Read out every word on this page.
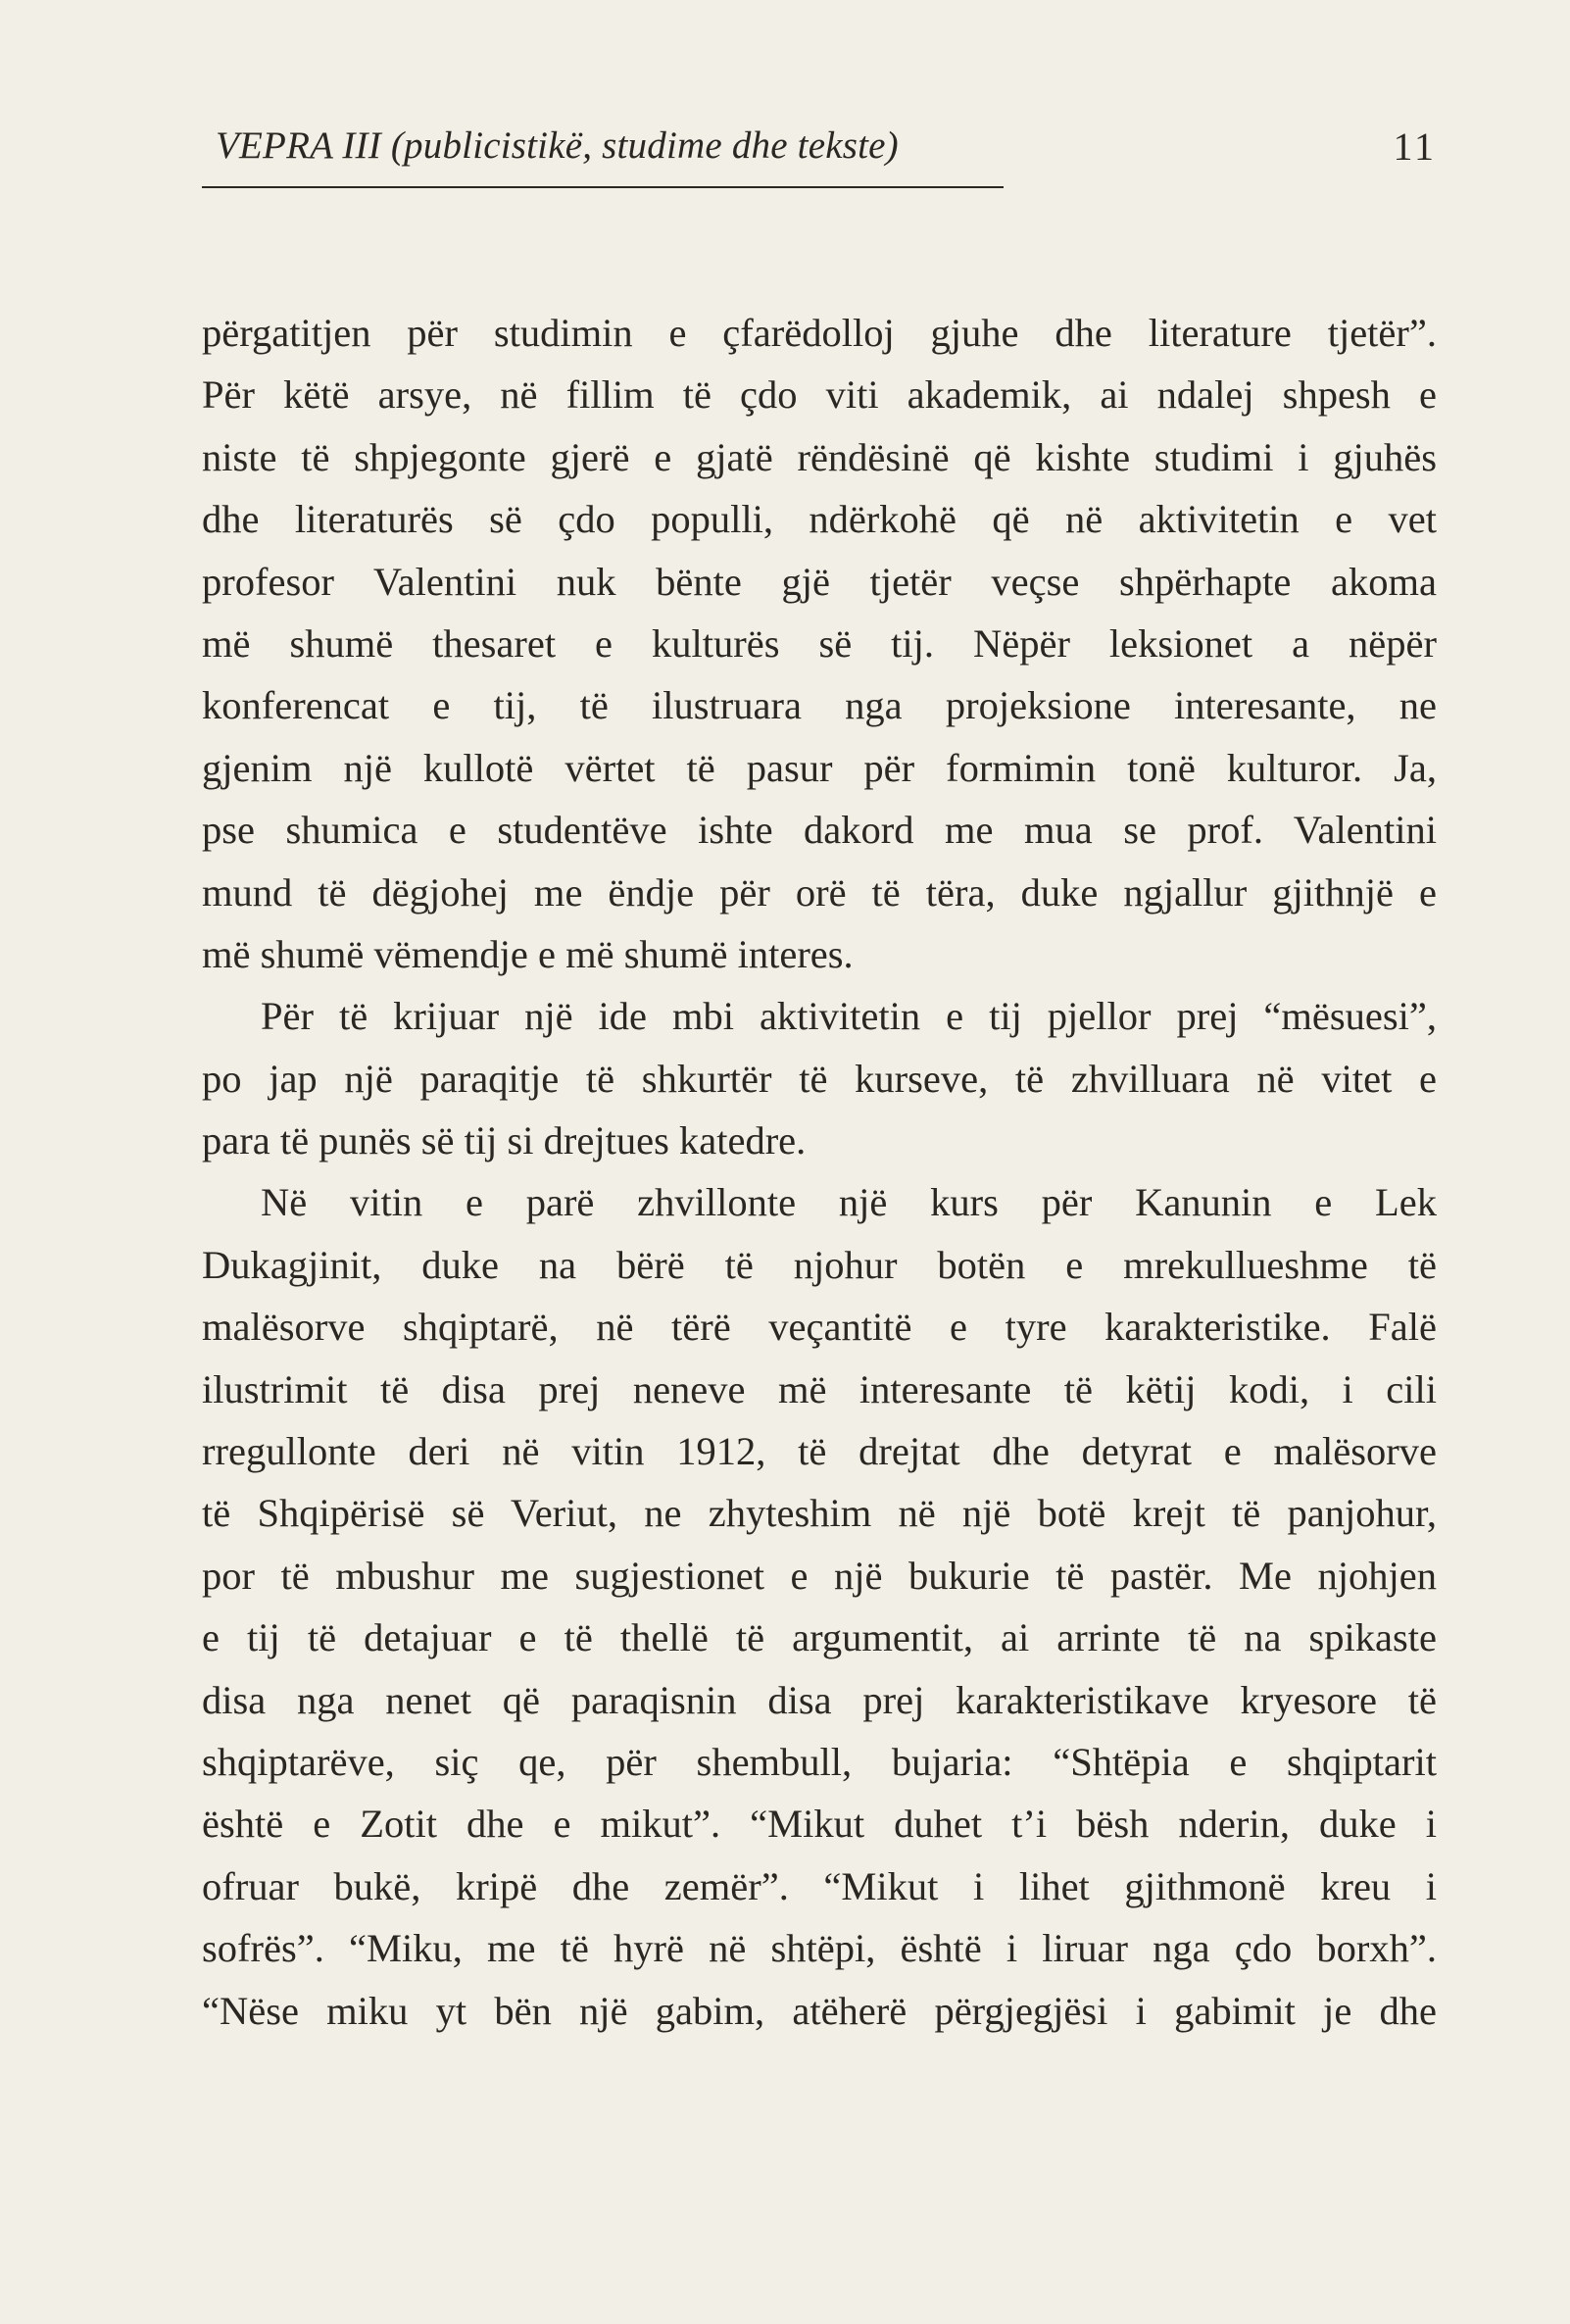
VEPRA III (publicistikë, studime dhe tekste)	11
përgatitjen për studimin e çfarëdolloj gjuhe dhe literature tjetër”.
Për këtë arsye, në fillim të çdo viti akademik, ai ndalej shpesh e
niste të shpjegonte gjerë e gjatë rëndësinë që kishte studimi i gjuhës
dhe literaturës së çdo populli, ndërkohë që në aktivitetin e vet
profesor Valentini nuk bënte gjë tjetër veçse shpërhapte akoma
më shumë thesaret e kulturës së tij. Nëpër leksionet a nëpër
konferencat e tij, të ilustruara nga projeksione interesante, ne
gjenim një kullotë vërtet të pasur për formimin tonë kulturor. Ja,
pse shumica e studentëve ishte dakord me mua se prof. Valentini
mund të dëgjohej me ëndje për orë të tëra, duke ngjallur gjithnjë e
më shumë vëmendje e më shumë interes.
Për të krijuar një ide mbi aktivitetin e tij pjellor prej “mësuesi”,
po jap një paraqitje të shkurtër të kurseve, të zhvilluara në vitet e
para të punës së tij si drejtues katedre.
Në vitin e parë zhvillonte një kurs për Kanunin e Lek
Dukagjinit, duke na bërë të njohur botën e mrekullueshme të
malësorve shqiptarë, në tërë veçantitë e tyre karakteristike. Falë
ilustrimit të disa prej neneve më interesante të këtij kodi, i cili
rregullonte deri në vitin 1912, të drejtat dhe detyrat e malësorve
të Shqipërisë së Veriut, ne zhyteshim në një botë krejt të panjohur,
por të mbushur me sugjestionet e një bukurie të pastër. Me njohjen
e tij të detajuar e të thellë të argumentit, ai arrinte të na spikaste
disa nga nenet që paraqisnin disa prej karakteristikave kryesore të
shqiptarëve, siç qe, për shembull, bujaria: “Shtëpia e shqiptarit
është e Zotit dhe e mikut”. “Mikut duhet t’i bësh nderin, duke i
ofruar bukë, kripë dhe zemër”. “Mikut i lihet gjithmonë kreu i
sofrës”. “Miku, me të hyrë në shtëpi, është i liruar nga çdo borxh”.
“Nëse miku yt bën një gabim, atëherë përgjegjësi i gabimit je dhe
